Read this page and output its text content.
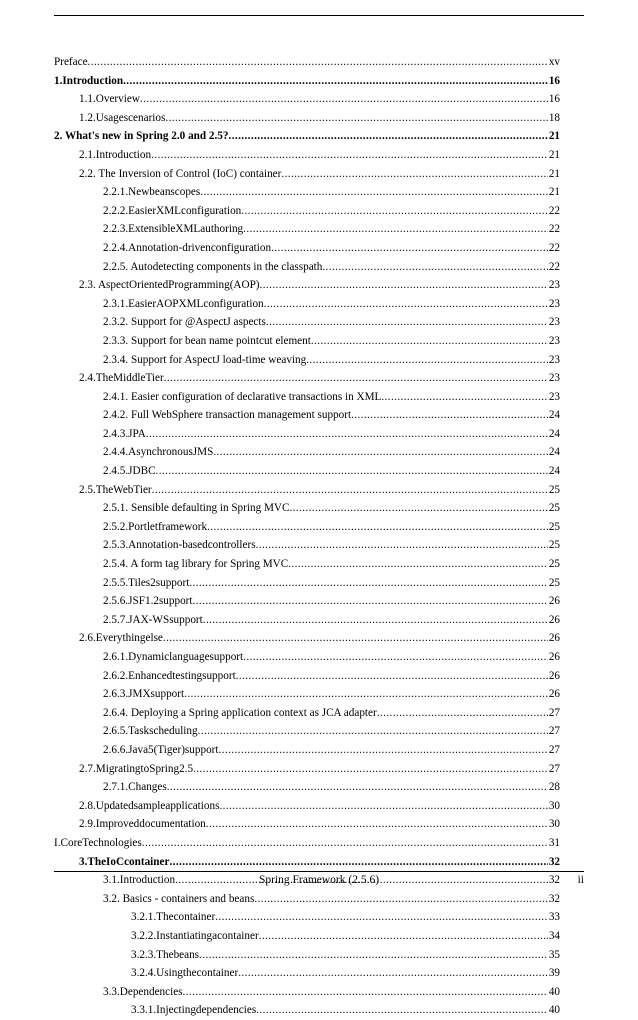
Preface .....	xv
1.Introduction .....	16
1.1.Overview .....	16
1.2.Usagescenarios .....	18
2. What's new in Spring 2.0 and 2.5? .....	21
2.1.Introduction .....	21
2.2. The Inversion of Control (IoC) container .....	21
2.2.1.Newbeanscopes .....	21
2.2.2.EasierXMLconfiguration .....	22
2.2.3.ExtensibleXMLauthoring .....	22
2.2.4.Annotation-drivenconfiguration .....	22
2.2.5. Autodetecting components in the classpath .....	22
2.3. AspectOrientedProgramming(AOP) .....	23
2.3.1.EasierAOPXMLconfiguration .....	23
2.3.2. Support for @AspectJ aspects .....	23
2.3.3. Support for bean name pointcut element .....	23
2.3.4. Support for AspectJ load-time weaving .....	23
2.4.TheMiddleTier .....	23
2.4.1. Easier configuration of declarative transactions in XML .....	23
2.4.2. Full WebSphere transaction management support .....	24
2.4.3.JPA .....	24
2.4.4.AsynchronousJMS .....	24
2.4.5.JDBC .....	24
2.5.TheWebTier .....	25
2.5.1. Sensible defaulting in Spring MVC .....	25
2.5.2.Portletframework .....	25
2.5.3.Annotation-basedcontrollers .....	25
2.5.4. A form tag library for Spring MVC .....	25
2.5.5.Tiles2support .....	25
2.5.6.JSF1.2support .....	26
2.5.7.JAX-WSsupport .....	26
2.6.Everythingelse .....	26
2.6.1.Dynamiclanguagesupport .....	26
2.6.2.Enhancedtestingsupport .....	26
2.6.3.JMXsupport .....	26
2.6.4. Deploying a Spring application context as JCA adapter .....	27
2.6.5.Taskscheduling .....	27
2.6.6.Java5(Tiger)support .....	27
2.7.MigratingtoSpring2.5 .....	27
2.7.1.Changes .....	28
2.8.Updatedsampleapplications .....	30
2.9.Improveddocumentation .....	30
I.CoreTechnologies .....	31
3.TheIoCcontainer .....	32
3.1.Introduction .....	32
3.2. Basics - containers and beans .....	32
3.2.1.Thecontainer .....	33
3.2.2.Instantiatingacontainer .....	34
3.2.3.Thebeans .....	35
3.2.4.Usingthecontainer .....	39
3.3.Dependencies .....	40
3.3.1.Injectingdependencies .....	40
Spring Framework (2.5.6)	ii
